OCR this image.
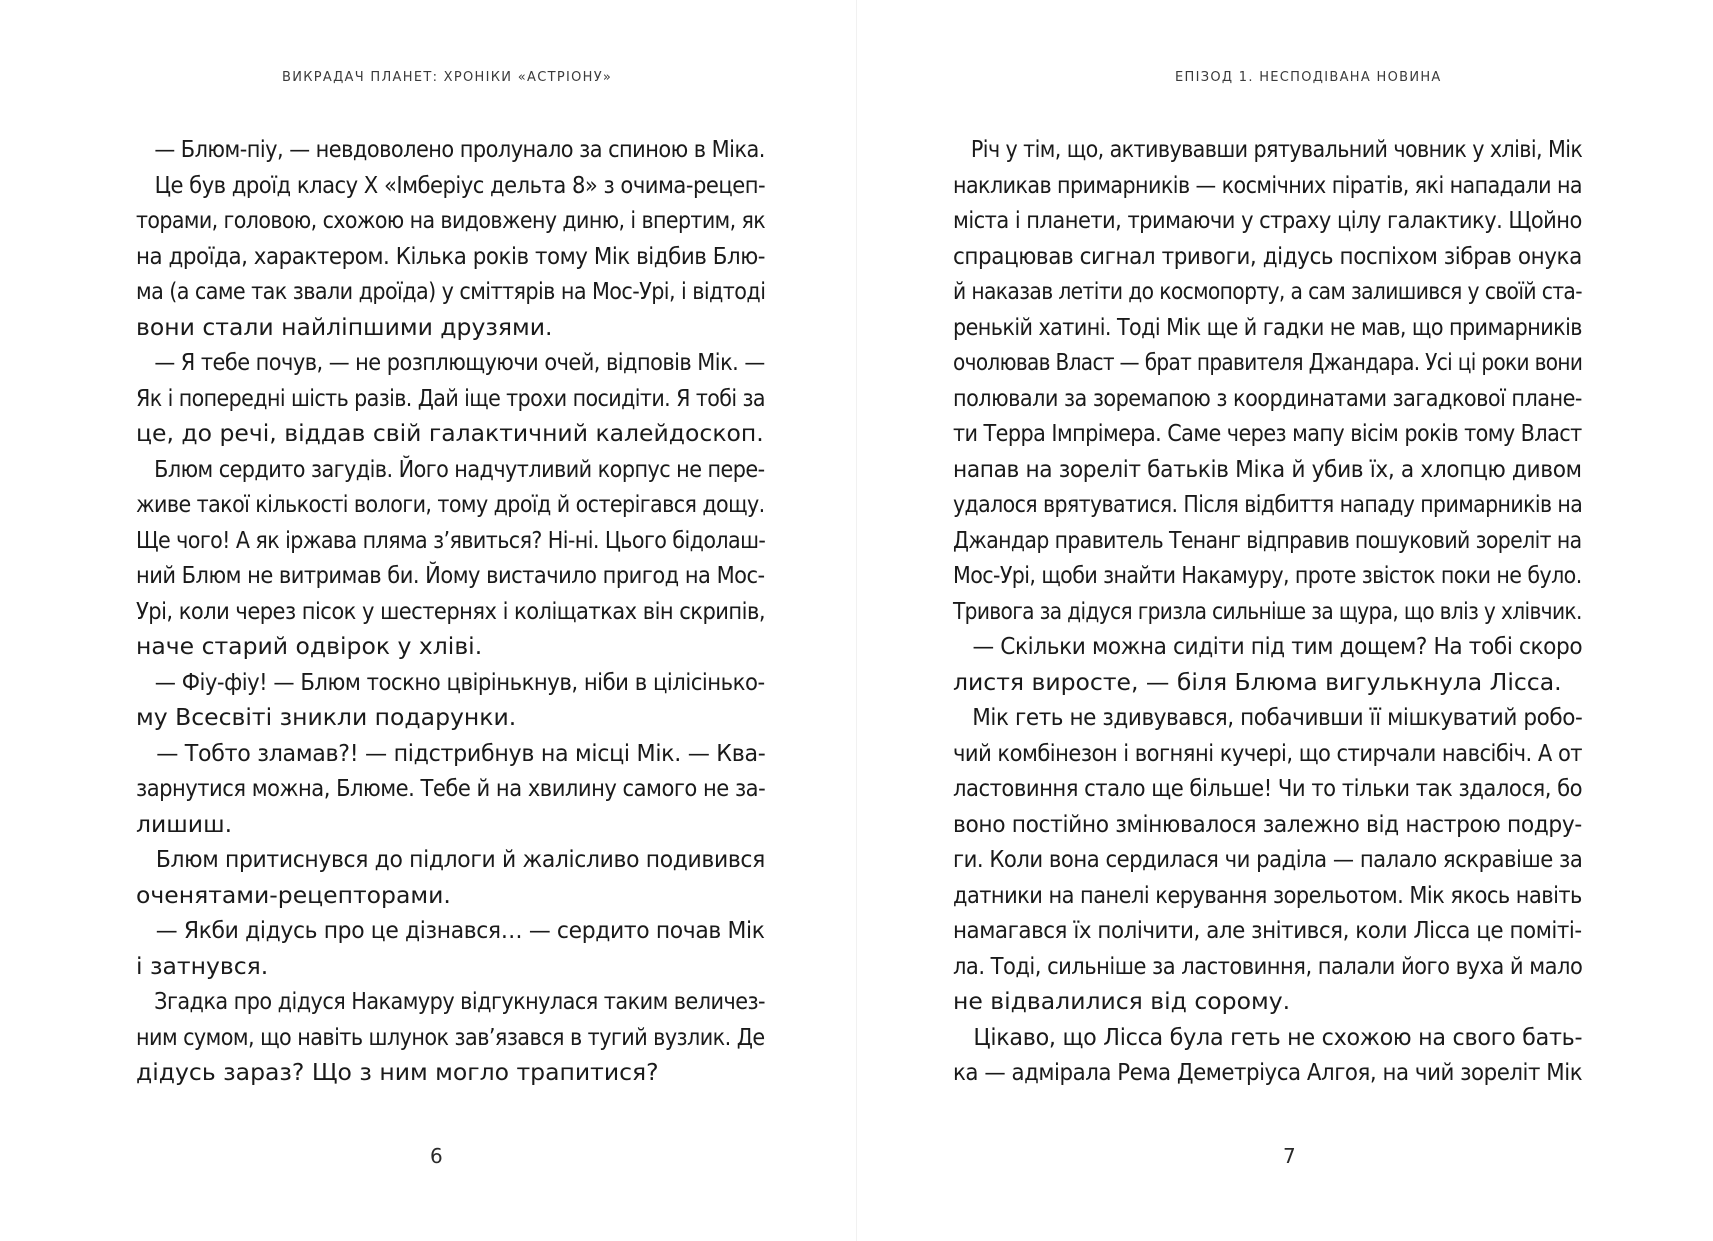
ВИКРАДАЧ ПЛАНЕТ: ХРОНІКИ «АСТРІОНУ»

— Блюм-піу, — невдоволено пролунало за спиною в Міка.
Це був дроїд класу Х «Імберіус дельта 8» з очима-рецеп-
торами, головою, схожою на видовжену диню, і впертим, як
на дроїда, характером. Кілька років тому Мік відбив Блю-
ма (а саме так звали дроїда) у сміттярів на Мос-Урі, і відтоді
вони стали найліпшими друзями.
— Я тебе почув, — не розплющуючи очей, відповів Мік. —
Як і попередні шість разів. Дай іще трохи посидіти. Я тобі за
це, до речі, віддав свій галактичний калейдоскоп.
Блюм сердито загудів. Його надчутливий корпус не пере-
живе такої кількості вологи, тому дроїд й остерігався дощу.
Ще чого! А як іржава пляма з’явиться? Ні-ні. Цього бідолаш-
ний Блюм не витримав би. Йому вистачило пригод на Мос-
Урі, коли через пісок у шестернях і коліщатках він скрипів,
наче старий одвірок у хліві.
— Фіу-фіу! — Блюм тоскно цвірінькнув, ніби в цілісінько-
му Всесвіті зникли подарунки.
— Тобто зламав?! — підстрибнув на місці Мік. — Ква-
зарнутися можна, Блюме. Тебе й на хвилину самого не за-
лишиш.
Блюм притиснувся до підлоги й жалісливо подивився
оченятами-рецепторами.
— Якби дідусь про це дізнався… — сердито почав Мік
і затнувся.
Згадка про дідуся Накамуру відгукнулася таким величез-
ним сумом, що навіть шлунок зав’язався в тугий вузлик. Де
дідусь зараз? Що з ним могло трапитися?

6
ЕПІЗОД 1. НЕСПОДІВАНА НОВИНА

Річ у тім, що, активувавши рятувальний човник у хліві, Мік
накликав примарників — космічних піратів, які нападали на
міста і планети, тримаючи у страху цілу галактику. Щойно
спрацював сигнал тривоги, дідусь поспіхом зібрав онука
й наказав летіти до космопорту, а сам залишився у своїй ста-
ренькій хатині. Тоді Мік ще й гадки не мав, що примарників
очолював Власт — брат правителя Джандара. Усі ці роки вони
полювали за зоремапою з координатами загадкової плане-
ти Терра Імпрімера. Саме через мапу вісім років тому Власт
напав на зореліт батьків Міка й убив їх, а хлопцю дивом
удалося врятуватися. Після відбиття нападу примарників на
Джандар правитель Тенанг відправив пошуковий зореліт на
Мос-Урі, щоби знайти Накамуру, проте звісток поки не було.
Тривога за дідуся гризла сильніше за щура, що вліз у хлівчик.
— Скільки можна сидіти під тим дощем? На тобі скоро
листя виросте, — біля Блюма вигулькнула Лісса.
Мік геть не здивувався, побачивши її мішкуватий робо-
чий комбінезон і вогняні кучері, що стирчали навсібіч. А от
ластовиння стало ще більше! Чи то тільки так здалося, бо
воно постійно змінювалося залежно від настрою подру-
ги. Коли вона сердилася чи раділа — палало яскравіше за
датники на панелі керування зорельотом. Мік якось навіть
намагався їх полічити, але знітився, коли Лісса це поміті-
ла. Тоді, сильніше за ластовиння, палали його вуха й мало
не відвалилися від сорому.
Цікаво, що Лісса була геть не схожою на свого бать-
ка — адмірала Рема Деметріуса Алгоя, на чий зореліт Мік

7
